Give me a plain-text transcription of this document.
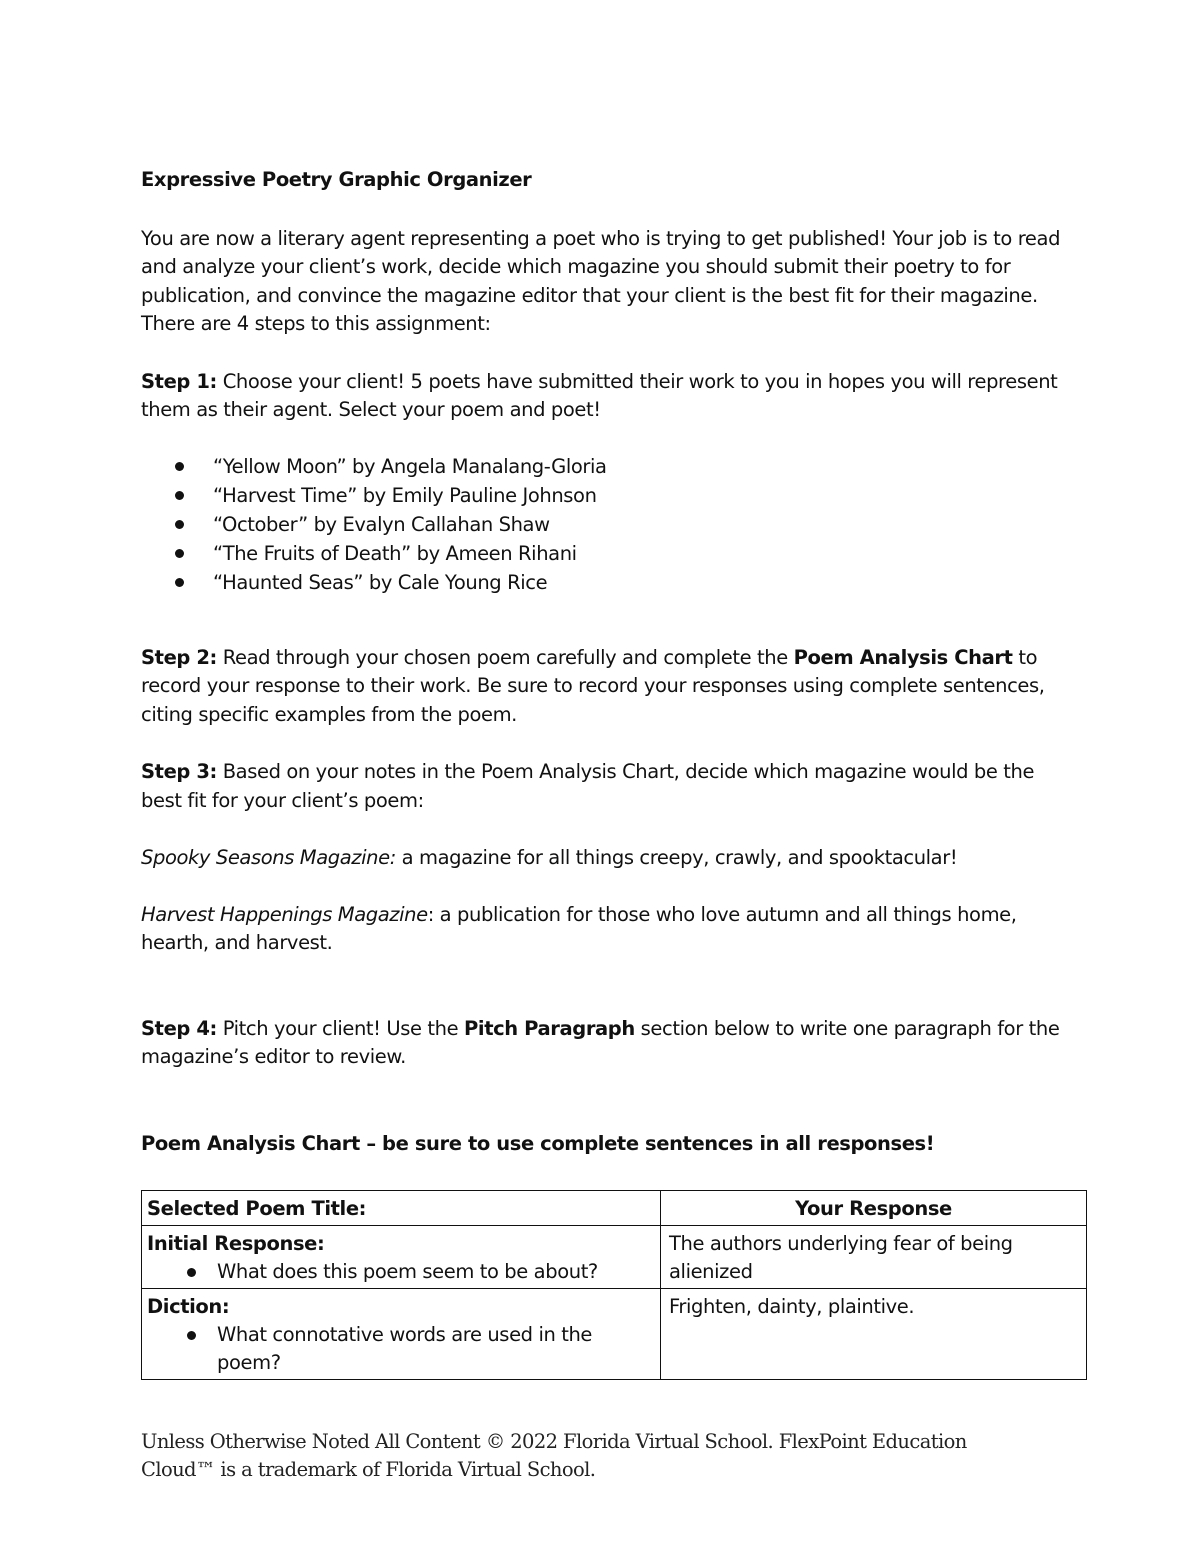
Expressive Poetry Graphic Organizer

You are now a literary agent representing a poet who is trying to get published! Your job is to read and analyze your client’s work, decide which magazine you should submit their poetry to for publication, and convince the magazine editor that your client is the best fit for their magazine. There are 4 steps to this assignment:

Step 1: Choose your client! 5 poets have submitted their work to you in hopes you will represent them as their agent. Select your poem and poet!

“Yellow Moon” by Angela Manalang-Gloria
“Harvest Time” by Emily Pauline Johnson
“October” by Evalyn Callahan Shaw
“The Fruits of Death” by Ameen Rihani
“Haunted Seas” by Cale Young Rice

Step 2: Read through your chosen poem carefully and complete the Poem Analysis Chart to record your response to their work. Be sure to record your responses using complete sentences, citing specific examples from the poem.

Step 3: Based on your notes in the Poem Analysis Chart, decide which magazine would be the best fit for your client’s poem:

Spooky Seasons Magazine: a magazine for all things creepy, crawly, and spooktacular!

Harvest Happenings Magazine: a publication for those who love autumn and all things home, hearth, and harvest.

Step 4: Pitch your client! Use the Pitch Paragraph section below to write one paragraph for the magazine’s editor to review.

Poem Analysis Chart – be sure to use complete sentences in all responses!

Selected Poem Title:	Your Response

Initial Response:
What does this poem seem to be about?	The authors underlying fear of being alienized

Diction:
What connotative words are used in the poem?	Frighten, dainty, plaintive.
Unless Otherwise Noted All Content © 2022 Florida Virtual School. FlexPoint Education Cloud™ is a trademark of Florida Virtual School.
